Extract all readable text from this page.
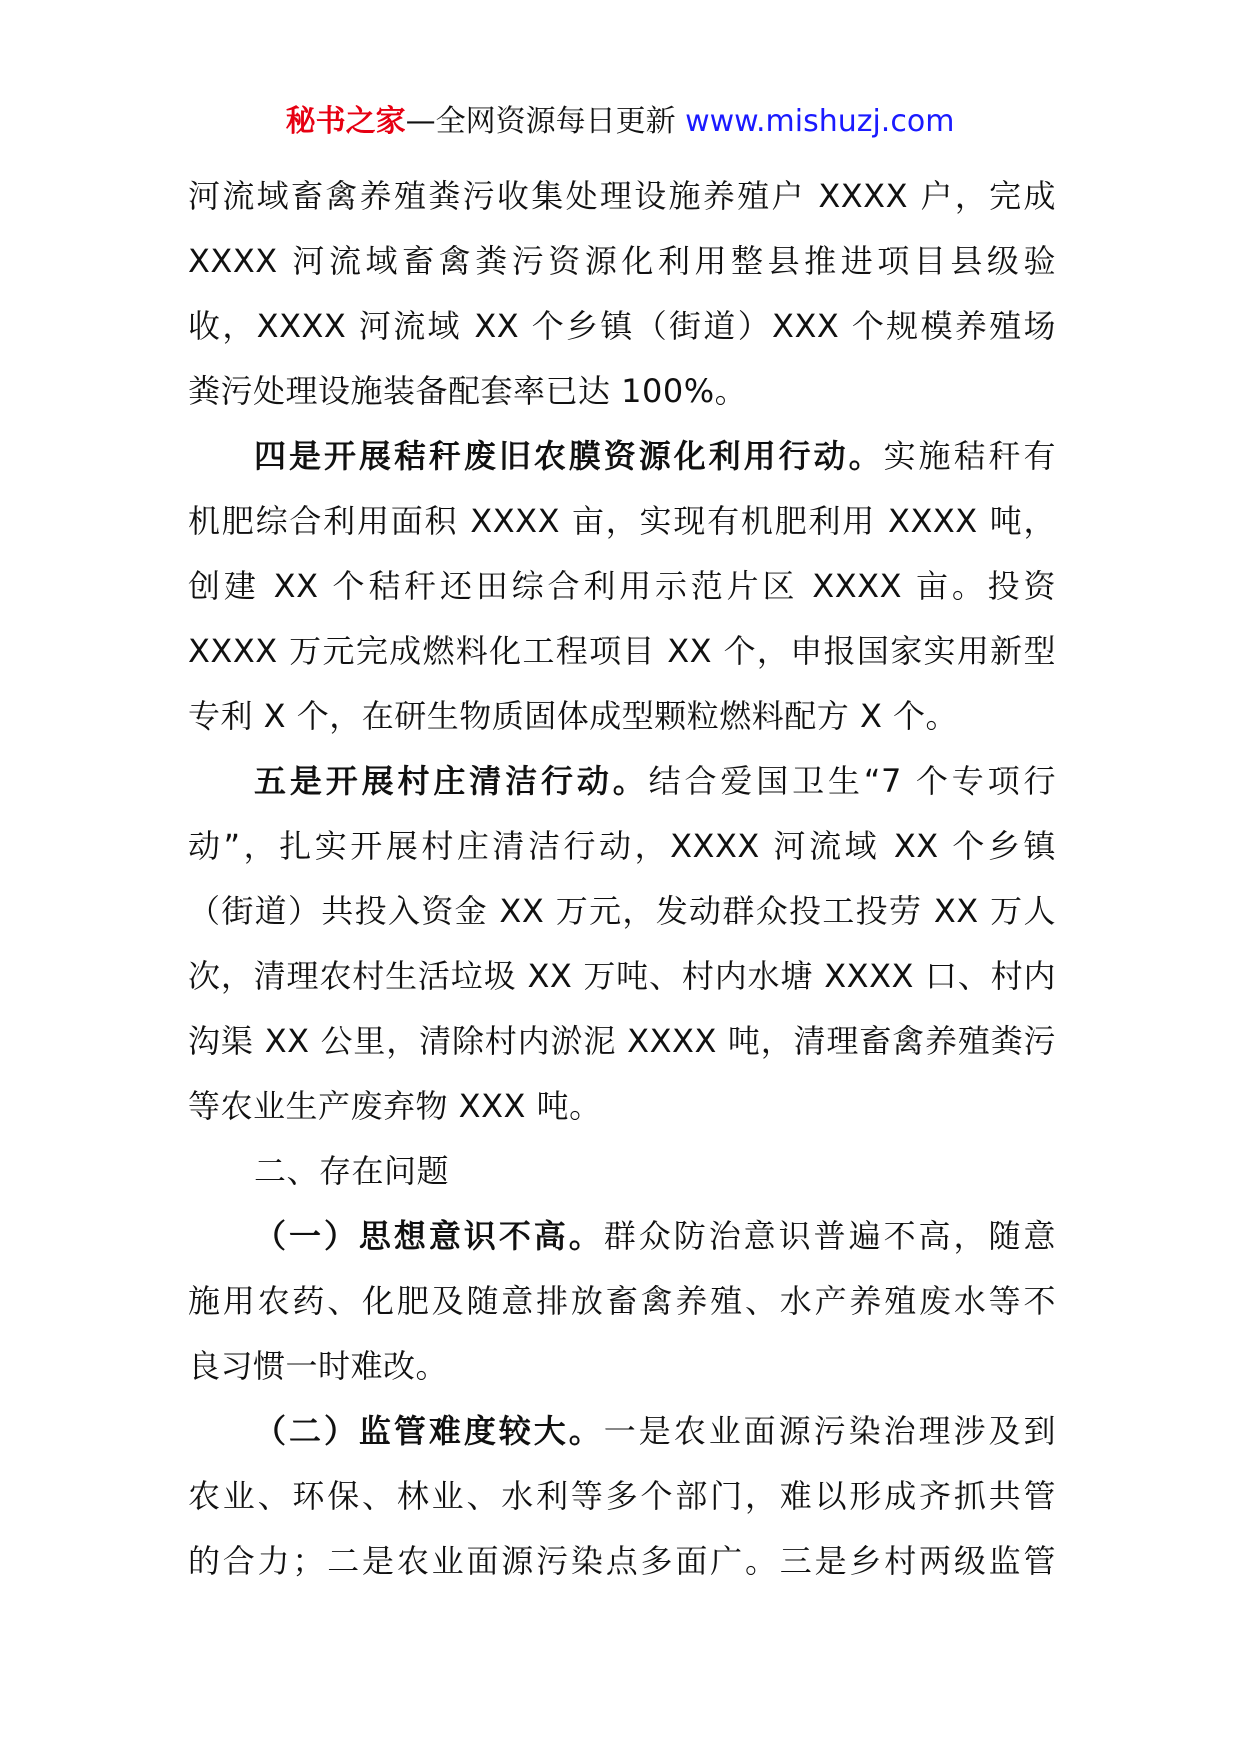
秘书之家—全网资源每日更新 www.mishuzj.com
河流域畜禽养殖粪污收集处理设施养殖户 XXXX 户，完成
XXXX 河流域畜禽粪污资源化利用整县推进项目县级验
收，XXXX 河流域 XX 个乡镇（街道）XXX 个规模养殖场
粪污处理设施装备配套率已达 100%。
四是开展秸秆废旧农膜资源化利用行动。实施秸秆有
机肥综合利用面积 XXXX 亩，实现有机肥利用 XXXX 吨，
创建 XX 个秸秆还田综合利用示范片区 XXXX 亩。投资
XXXX 万元完成燃料化工程项目 XX 个，申报国家实用新型
专利 X 个，在研生物质固体成型颗粒燃料配方 X 个。
五是开展村庄清洁行动。结合爱国卫生“7 个专项行
动”，扎实开展村庄清洁行动，XXXX 河流域 XX 个乡镇
（街道）共投入资金 XX 万元，发动群众投工投劳 XX 万人
次，清理农村生活垃圾 XX 万吨、村内水塘 XXXX 口、村内
沟渠 XX 公里，清除村内淤泥 XXXX 吨，清理畜禽养殖粪污
等农业生产废弃物 XXX 吨。
二、存在问题
（一）思想意识不高。群众防治意识普遍不高，随意
施用农药、化肥及随意排放畜禽养殖、水产养殖废水等不
良习惯一时难改。
（二）监管难度较大。一是农业面源污染治理涉及到
农业、环保、林业、水利等多个部门，难以形成齐抓共管
的合力；二是农业面源污染点多面广。三是乡村两级监管
